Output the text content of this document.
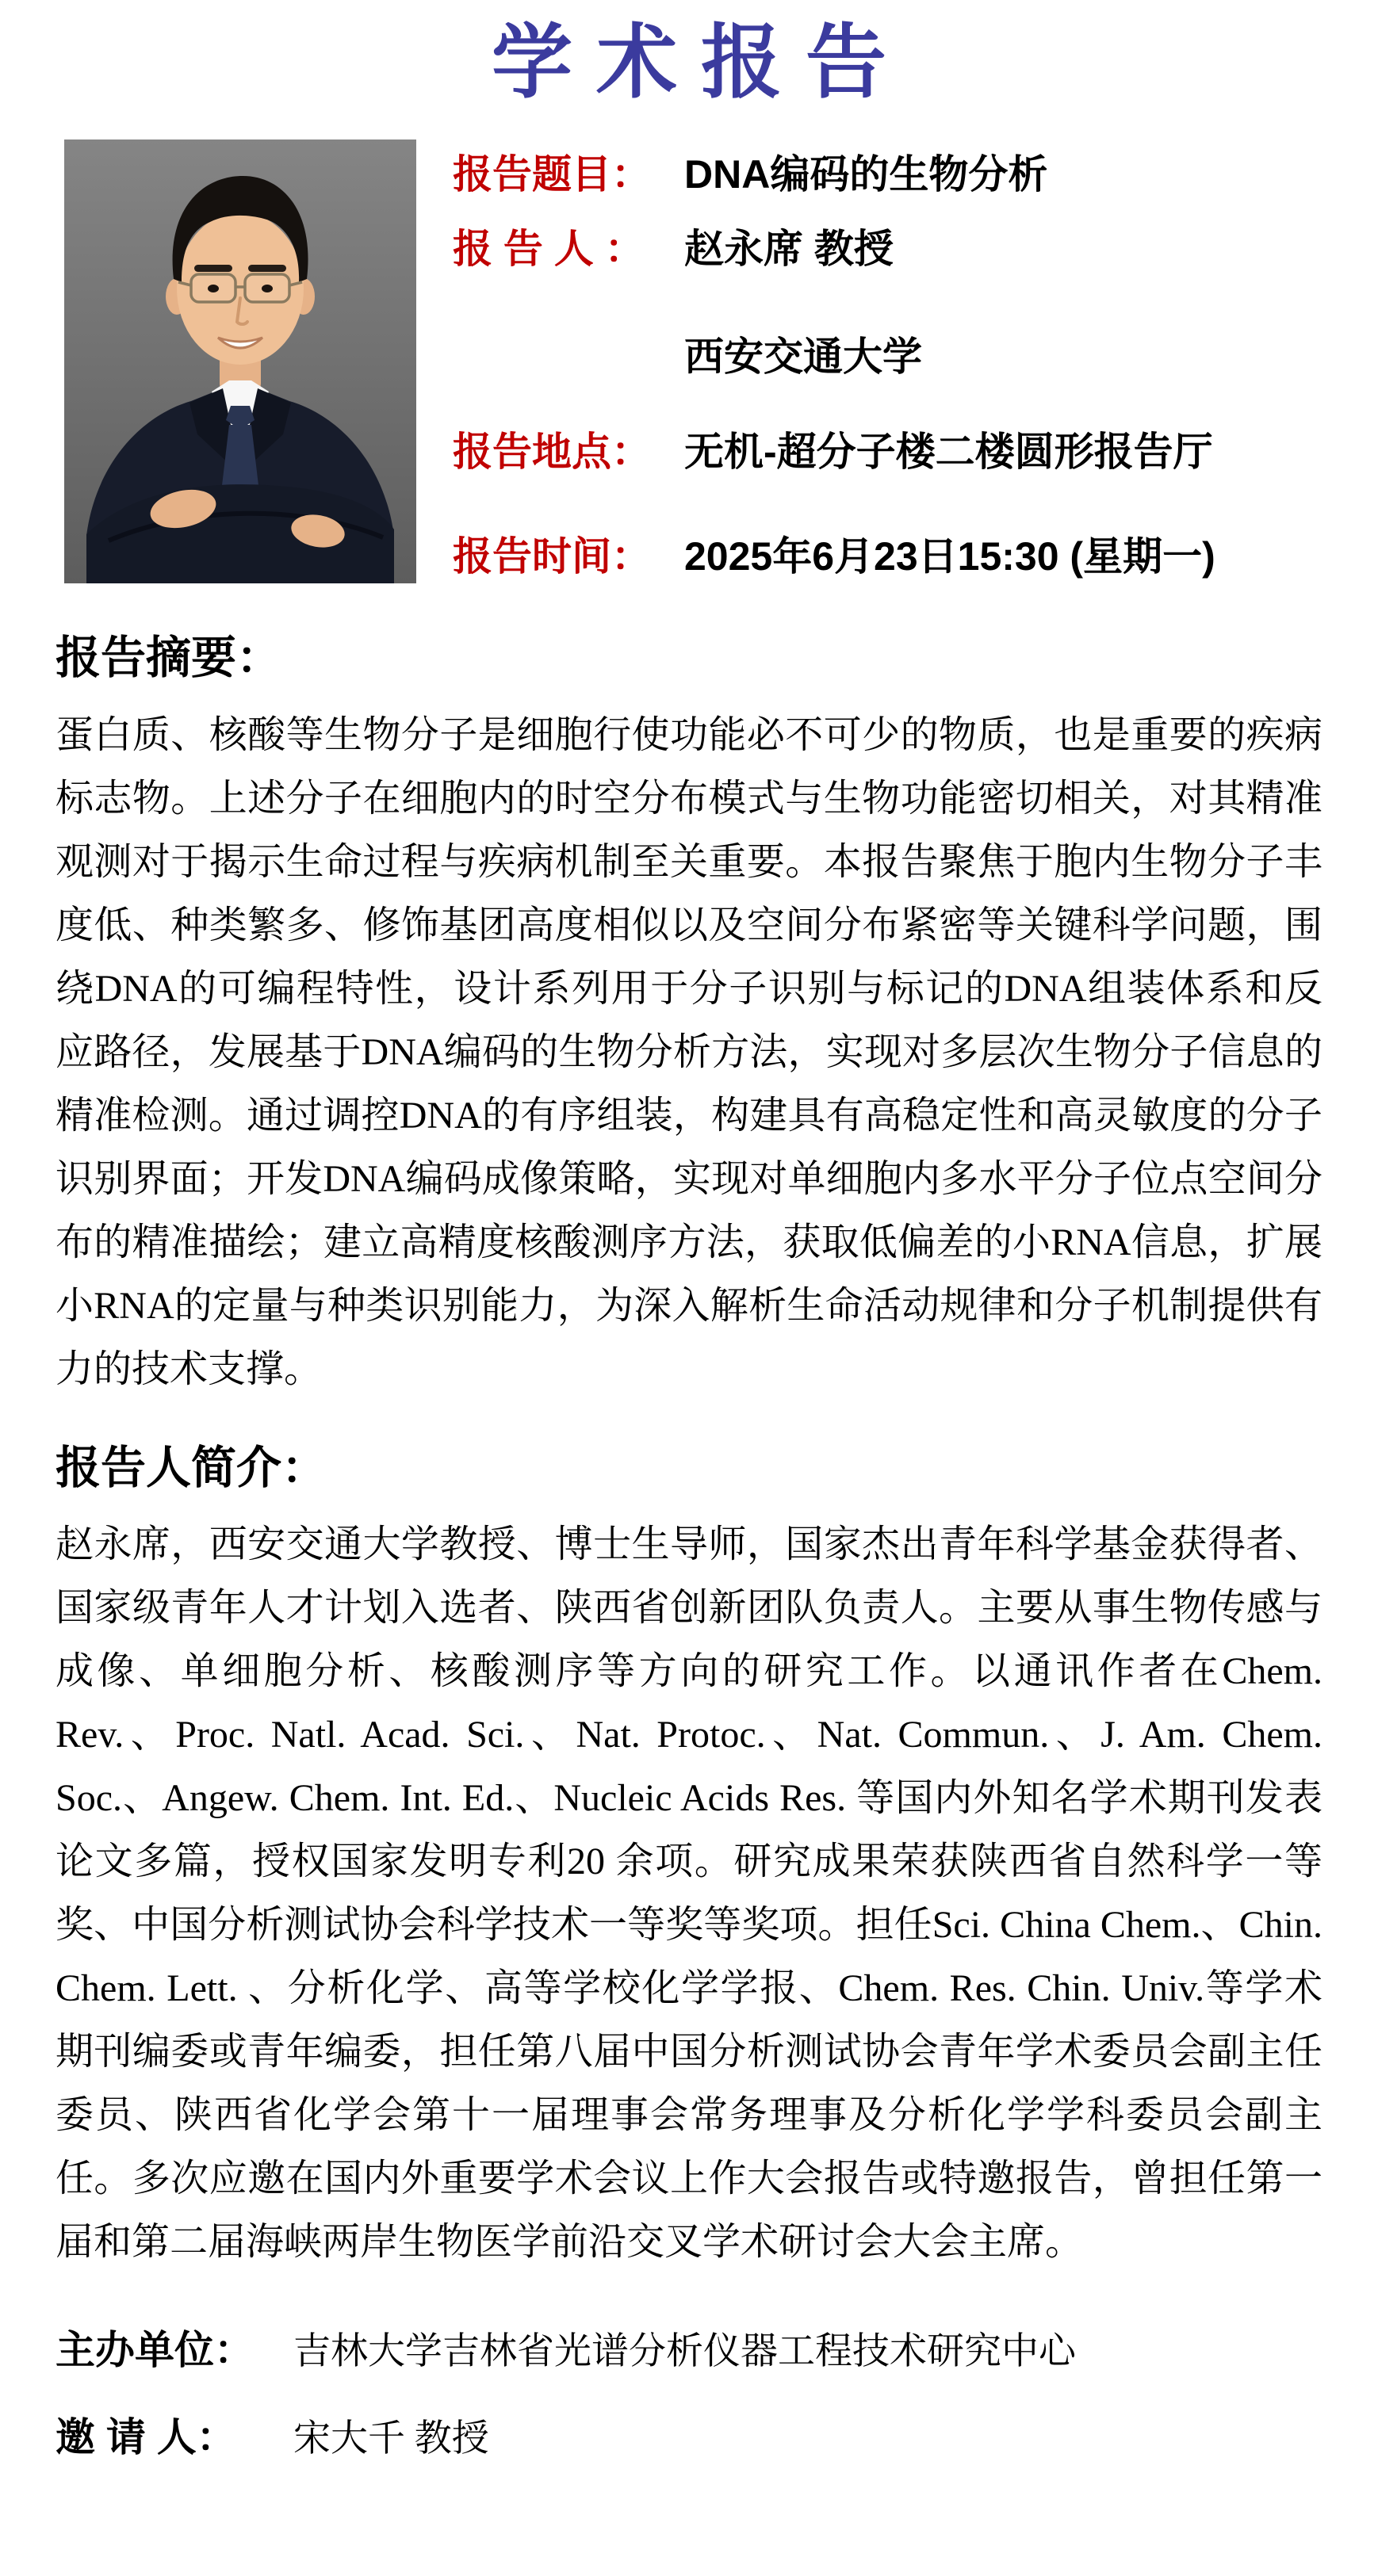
学术报告
报告题目： DNA编码的生物分析
报 告 人 ：	赵永席 教授
西安交通大学
报告地点： 无机-超分子楼二楼圆形报告厅
报告时间： 2025年6月23日15:30 (星期一)
报告摘要：

蛋白质、核酸等生物分子是细胞行使功能必不可少的物质，也是重要的疾病标志物。上述分子在细胞内的时空分布模式与生物功能密切相关，对其精准观测对于揭示生命过程与疾病机制至关重要。本报告聚焦于胞内生物分子丰度低、种类繁多、修饰基团高度相似以及空间分布紧密等关键科学问题，围绕DNA的可编程特性，设计系列用于分子识别与标记的DNA组装体系和反应路径，发展基于DNA编码的生物分析方法，实现对多层次生物分子信息的精准检测。通过调控DNA的有序组装，构建具有高稳定性和高灵敏度的分子识别界面；开发DNA编码成像策略，实现对单细胞内多水平分子位点空间分布的精准描绘；建立高精度核酸测序方法，获取低偏差的小RNA信息，扩展小RNA的定量与种类识别能力，为深入解析生命活动规律和分子机制提供有力的技术支撑。

报告人简介：

赵永席，西安交通大学教授、博士生导师，国家杰出青年科学基金获得者、国家级青年人才计划入选者、陕西省创新团队负责人。主要从事生物传感与成像、单细胞分析、核酸测序等方向的研究工作。以通讯作者在Chem. Rev.、Proc. Natl. Acad. Sci.、Nat. Protoc.、Nat. Commun.、J. Am. Chem. Soc.、Angew. Chem. Int. Ed.、Nucleic Acids Res. 等国内外知名学术期刊发表论文多篇，授权国家发明专利20 余项。研究成果荣获陕西省自然科学一等奖、中国分析测试协会科学技术一等奖等奖项。担任Sci. China Chem.、Chin. Chem. Lett. 、分析化学、高等学校化学学报、Chem. Res. Chin. Univ.等学术期刊编委或青年编委，担任第八届中国分析测试协会青年学术委员会副主任委员、陕西省化学会第十一届理事会常务理事及分析化学学科委员会副主任。多次应邀在国内外重要学术会议上作大会报告或特邀报告，曾担任第一届和第二届海峡两岸生物医学前沿交叉学术研讨会大会主席。

主办单位：	吉林大学吉林省光谱分析仪器工程技术研究中心
邀 请 人：	宋大千 教授
